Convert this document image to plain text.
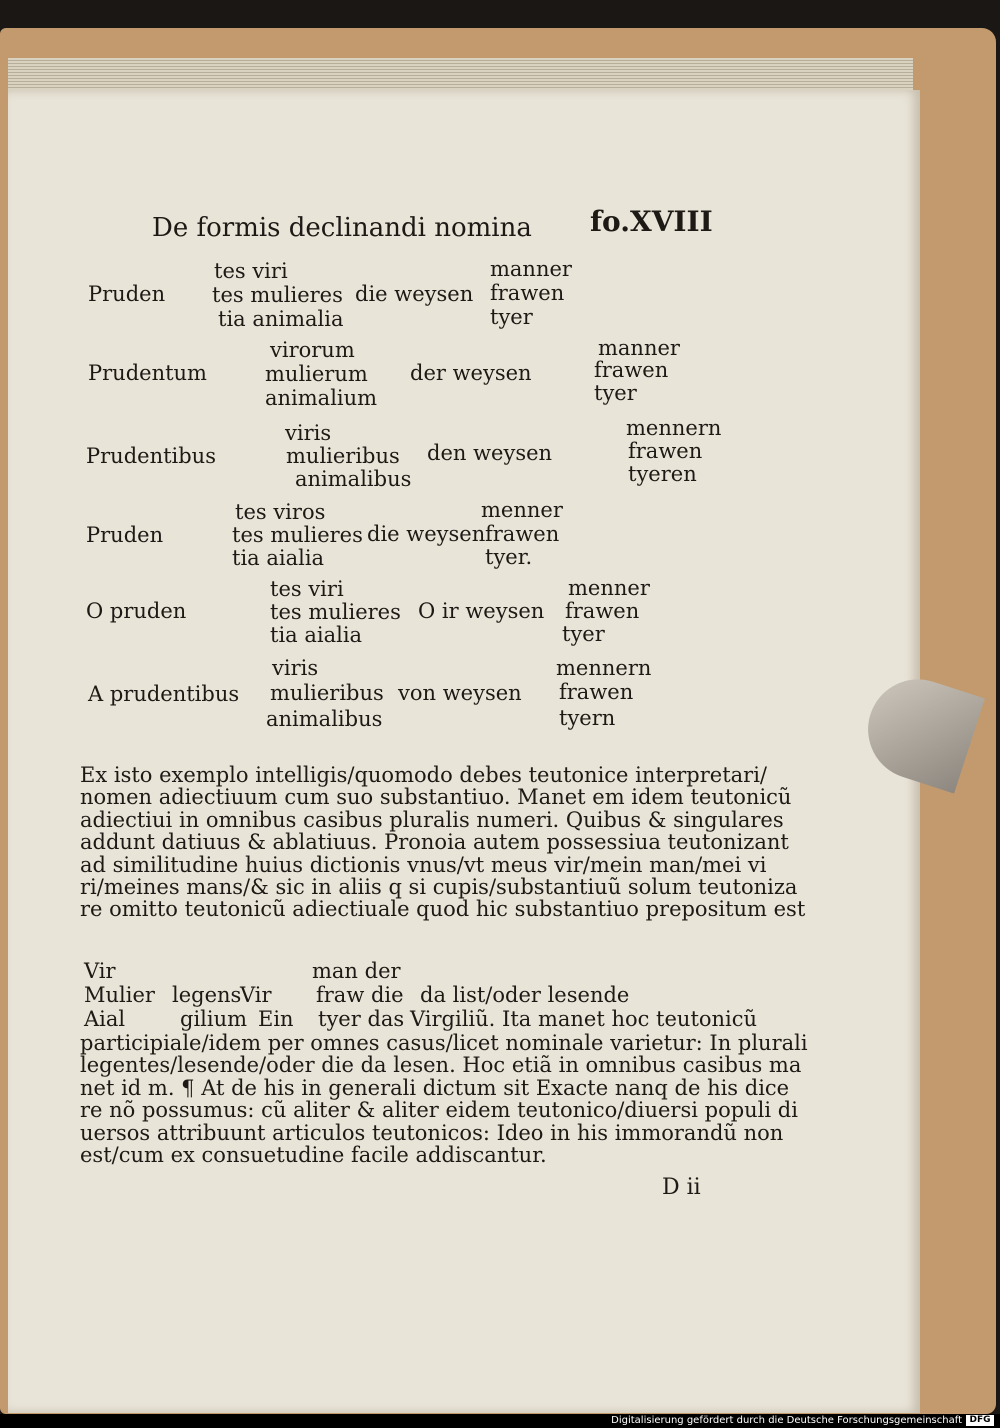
De formis declinandi nomina fo.XVIII
Pruden
tes viri
tes mulieres
tia animalia
die weysen
manner
frawen
tyer
Prudentum
virorum
mulierum
animalium
der weysen
manner
frawen
tyer
Prudentibus
viris
mulieribus
animalibus
den weysen
mennern
frawen
tyeren
Pruden
tes viros
tes mulieres
tia aialia
die weysen
menner
frawen
tyer.
O pruden
tes viri
tes mulieres
tia aialia
O ir weysen
menner
frawen
tyer
A prudentibus
viris
mulieribus
animalibus
von weysen
mennern
frawen
tyern
Ex isto exemplo intelligis/quomodo debes teutonice interpretari/
nomen adiectiuum cum suo substantiuo. Manet em idem teutonicũ
adiectiui in omnibus casibus pluralis numeri. Quibus & singulares
addunt datiuus & ablatiuus. Pronoia autem possessiua teutonizant
ad similitudine huius dictionis vnus/vt meus vir/mein man/mei vi
ri/meines mans/& sic in aliis q si cupis/substantiuũ solum teutoniza
re omitto teutonicũ adiectiuale quod hic substantiuo prepositum est
Vir
Mulier
Aial
legens
Vir
gilium Ein
man der
fraw die
tyer das
da list/oder lesende
Virgiliũ. Ita manet hoc teutonicũ
participiale/idem per omnes casus/licet nominale varietur: In plurali
legentes/lesende/oder die da lesen. Hoc etiã in omnibus casibus ma
net id m. ¶ At de his in generali dictum sit Exacte nanq de his dice
re nõ possumus: cũ aliter & aliter eidem teutonico/diuersi populi di
uersos attribuunt articulos teutonicos: Ideo in his immorandũ non
est/cum ex consuetudine facile addiscantur.
D ii
Digitalisierung gefördert durch die Deutsche Forschungsgemeinschaft DFG
